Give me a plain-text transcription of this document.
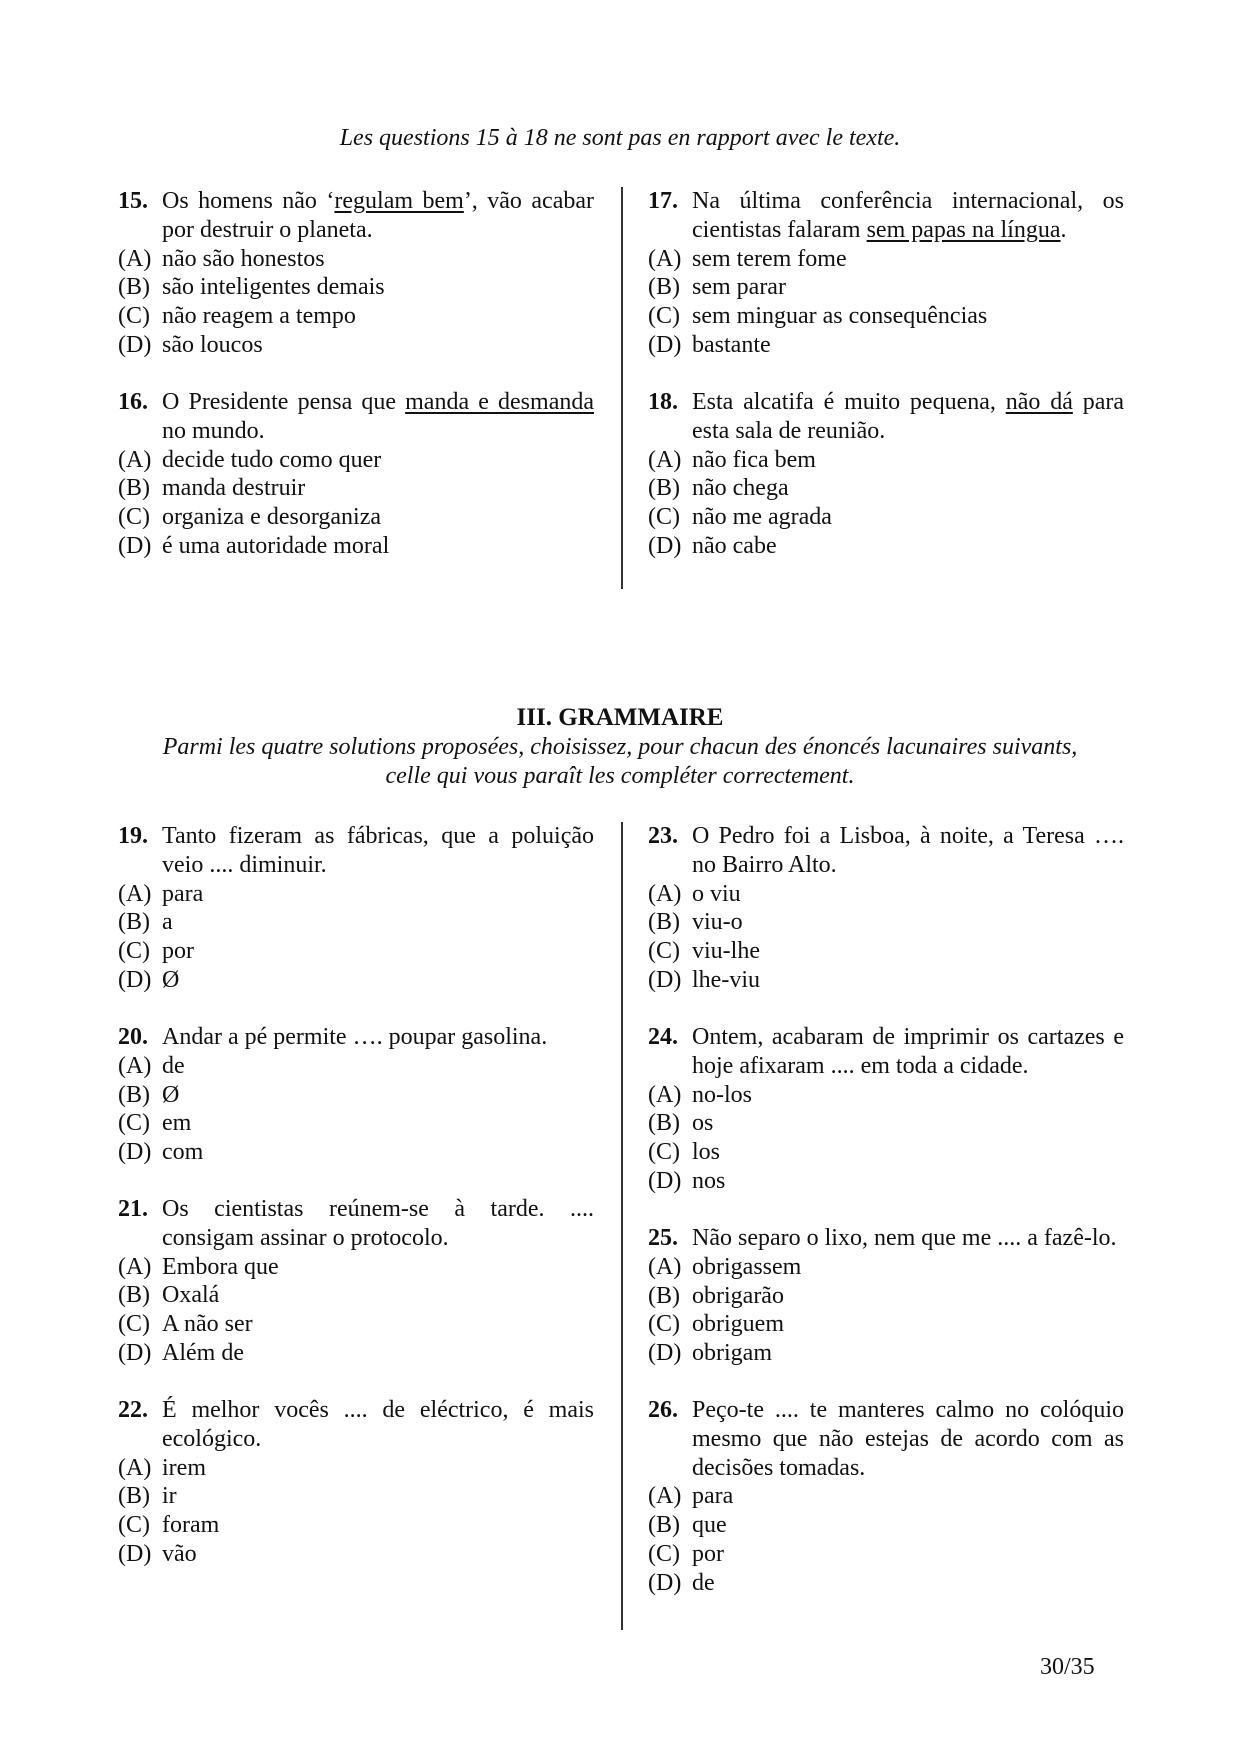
Les questions 15 à 18 ne sont pas en rapport avec le texte.
15. Os homens não ‘regulam bem’, vão acabar por destruir o planeta.
(A) não são honestos
(B) são inteligentes demais
(C) não reagem a tempo
(D) são loucos
16. O Presidente pensa que manda e desmanda no mundo.
(A) decide tudo como quer
(B) manda destruir
(C) organiza e desorganiza
(D) é uma autoridade moral
17. Na última conferência internacional, os cientistas falaram sem papas na língua.
(A) sem terem fome
(B) sem parar
(C) sem minguar as consequências
(D) bastante
18. Esta alcatifa é muito pequena, não dá para esta sala de reunião.
(A) não fica bem
(B) não chega
(C) não me agrada
(D) não cabe
III. GRAMMAIRE
Parmi les quatre solutions proposées, choisissez, pour chacun des énoncés lacunaires suivants,
celle qui vous paraît les compléter correctement.
19. Tanto fizeram as fábricas, que a poluição veio .... diminuir.
(A) para
(B) a
(C) por
(D) Ø
20. Andar a pé permite …. poupar gasolina.
(A) de
(B) Ø
(C) em
(D) com
21. Os cientistas reúnem-se à tarde. .... consigam assinar o protocolo.
(A) Embora que
(B) Oxalá
(C) A não ser
(D) Além de
22. É melhor vocês .... de eléctrico, é mais ecológico.
(A) irem
(B) ir
(C) foram
(D) vão
23. O Pedro foi a Lisboa, à noite, a Teresa …. no Bairro Alto.
(A) o viu
(B) viu-o
(C) viu-lhe
(D) lhe-viu
24. Ontem, acabaram de imprimir os cartazes e hoje afixaram .... em toda a cidade.
(A) no-los
(B) os
(C) los
(D) nos
25. Não separo o lixo, nem que me .... a fazê-lo.
(A) obrigassem
(B) obrigarão
(C) obriguem
(D) obrigam
26. Peço-te .... te manteres calmo no colóquio mesmo que não estejas de acordo com as decisões tomadas.
(A) para
(B) que
(C) por
(D) de
30/35
